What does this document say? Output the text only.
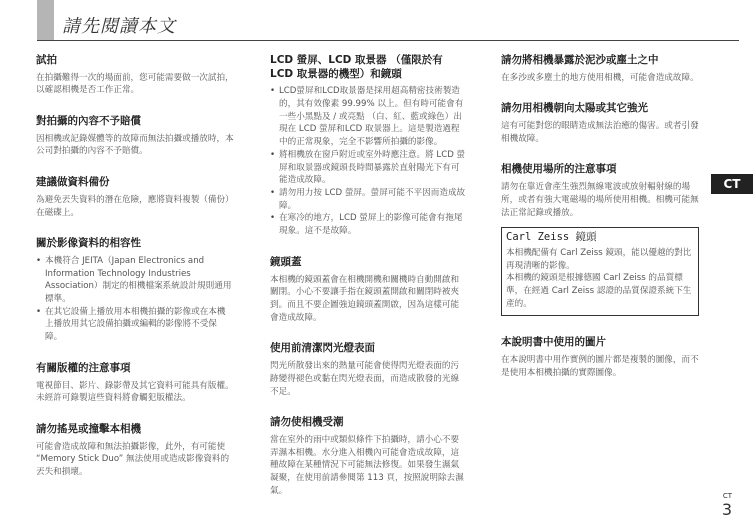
請先閱讀本文
試拍

在拍攝難得一次的場面前，您可能需要做一次試拍，以確認相機是否工作正常。

對拍攝的內容不予賠償

因相機或記錄媒體等的故障而無法拍攝或播放時，本公司對拍攝的內容不予賠償。

建議做資料備份

為避免丟失資料的潛在危險，應將資料複製（備份）在磁碟上。

關於影像資料的相容性
• 本機符合 JEITA（Japan Electronics and Information Technology Industries Association）制定的相機檔案系統設計規則通用標準。
• 在其它設備上播放用本相機拍攝的影像或在本機上播放用其它設備拍攝或編輯的影像將不受保障。
有關版權的注意事項

電視節目、影片、錄影帶及其它資料可能具有版權。未經許可錄製這些資料將會觸犯版權法。

請勿搖晃或撞擊本相機

可能會造成故障和無法拍攝影像，此外，有可能使 “Memory Stick Duo” 無法使用或造成影像資料的丟失和損壞。

LCD 螢屏、LCD 取景器 （僅限於有 LCD 取景器的機型）和鏡頭
• LCD螢屏和LCD取景器是採用超高精密技術製造的，其有效像素 99.99% 以上。但有時可能會有一些小黑點及 / 或亮點 （白、紅、藍或綠色）出現在 LCD 螢屏和LCD 取景器上。這是製造過程中的正常現象，完全不影響所拍攝的影像。
• 將相機放在窗戶附近或室外時應注意。將 LCD 螢屏和取景器或鏡頭長時間暴露於直射陽光下有可能造成故障。
• 請勿用力按 LCD 螢屏。螢屏可能不平因而造成故障。
• 在寒冷的地方，LCD 螢屏上的影像可能會有拖尾現象。這不是故障。
鏡頭蓋

本相機的鏡頭蓋會在相機開機和關機時自動開啟和關閉。小心不要讓手指在鏡頭蓋開啟和關閉時被夾到。而且不要企圖強迫鏡頭蓋開啟，因為這樣可能會造成故障。

使用前清潔閃光燈表面

閃光所散發出來的熱量可能會使得閃光燈表面的污跡變得褪色或黏在閃光燈表面，而造成散發的光線不足。

請勿使相機受潮

當在室外的雨中或類似條件下拍攝時，請小心不要弄濕本相機。水分進入相機內可能會造成故障，這種故障在某種情況下可能無法修復。如果發生濕氣凝聚，在使用前請參閱第 113 頁，按照說明除去濕氣。

請勿將相機暴露於泥沙或塵土之中

在多沙或多塵土的地方使用相機，可能會造成故障。

請勿用相機朝向太陽或其它強光

這有可能對您的眼睛造成無法治癒的傷害。或者引發相機故障。

相機使用場所的注意事項

請勿在靠近會產生強烈無線電波或放射輻射線的場所，或者有強大電磁場的場所使用相機。相機可能無法正常記錄或播放。

Carl Zeiss 鏡頭

本相機配備有 Carl Zeiss 鏡頭，能以優越的對比再現清晰的影像。

本相機的鏡頭是根據德國 Carl Zeiss 的品質標準，在經過 Carl Zeiss 認證的品質保證系統下生產的。

本說明書中使用的圖片

在本說明書中用作實例的圖片都是複製的圖像，而不是使用本相機拍攝的實際圖像。

CT
CT
3
